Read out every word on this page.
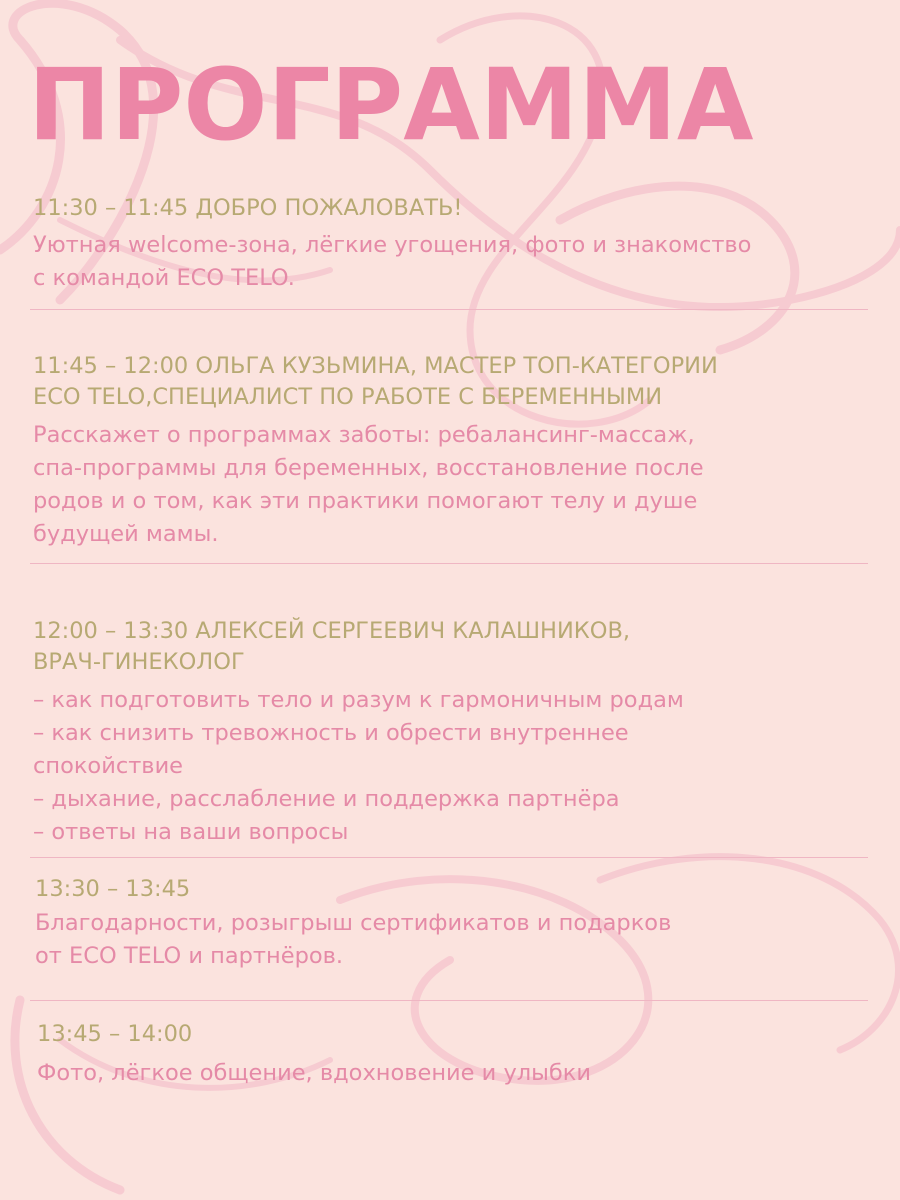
ПРОГРАММА
11:30 – 11:45 ДОБРО ПОЖАЛОВАТЬ!
Уютная welcome-зона, лёгкие угощения, фото и знакомство
с командой ECO TELO.
11:45 – 12:00 ОЛЬГА КУЗЬМИНА, МАСТЕР ТОП-КАТЕГОРИИ
ECO TELO,СПЕЦИАЛИСТ ПО РАБОТЕ С БЕРЕМЕННЫМИ
Расскажет о программах заботы: ребалансинг-массаж,
спа-программы для беременных, восстановление после
родов и о том, как эти практики помогают телу и душе
будущей мамы.
12:00 – 13:30 АЛЕКСЕЙ СЕРГЕЕВИЧ КАЛАШНИКОВ,
ВРАЧ-ГИНЕКОЛОГ
– как подготовить тело и разум к гармоничным родам
– как снизить тревожность и обрести внутреннее
спокойствие
– дыхание, расслабление и поддержка партнёра
– ответы на ваши вопросы
13:30 – 13:45
Благодарности, розыгрыш сертификатов и подарков
от ECO TELO и партнёров.
13:45 – 14:00
Фото, лёгкое общение, вдохновение и улыбки
